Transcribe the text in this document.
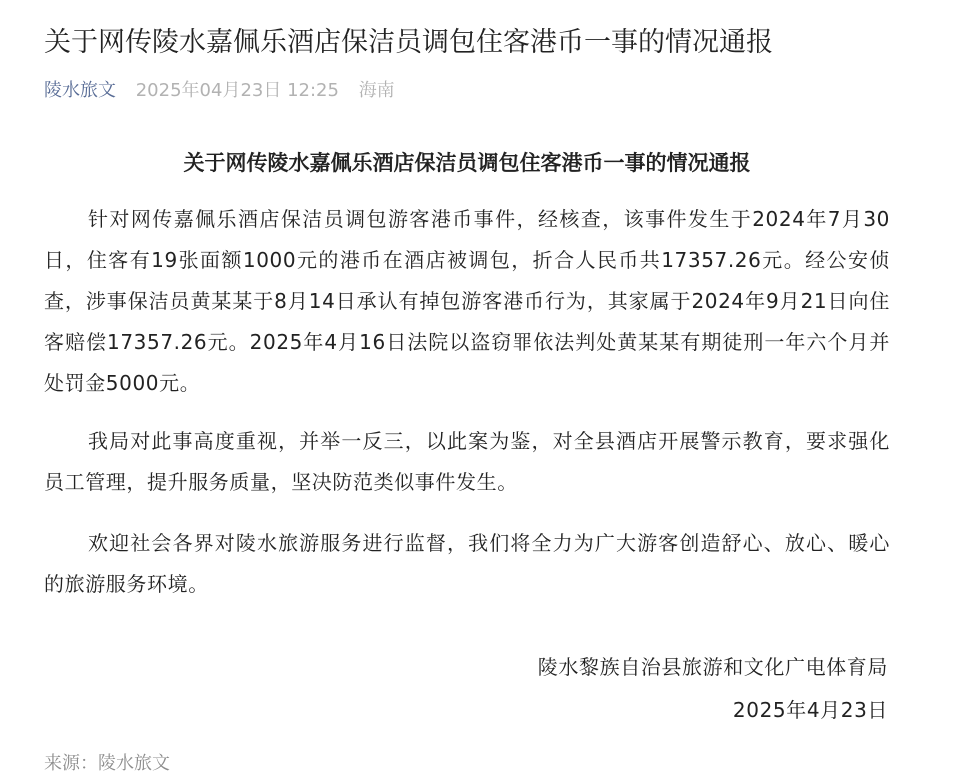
关于网传陵水嘉佩乐酒店保洁员调包住客港币一事的情况通报
陵水旅文 2025年04月23日 12:25 海南
关于网传陵水嘉佩乐酒店保洁员调包住客港币一事的情况通报

针对网传嘉佩乐酒店保洁员调包游客港币事件，经核查，该事件发生于2024年7月30日，住客有19张面额1000元的港币在酒店被调包，折合人民币共17357.26元。经公安侦查，涉事保洁员黄某某于8月14日承认有掉包游客港币行为，其家属于2024年9月21日向住客赔偿17357.26元。2025年4月16日法院以盗窃罪依法判处黄某某有期徒刑一年六个月并处罚金5000元。

我局对此事高度重视，并举一反三，以此案为鉴，对全县酒店开展警示教育，要求强化员工管理，提升服务质量，坚决防范类似事件发生。

欢迎社会各界对陵水旅游服务进行监督，我们将全力为广大游客创造舒心、放心、暖心的旅游服务环境。

陵水黎族自治县旅游和文化广电体育局
2025年4月23日
来源：陵水旅文
